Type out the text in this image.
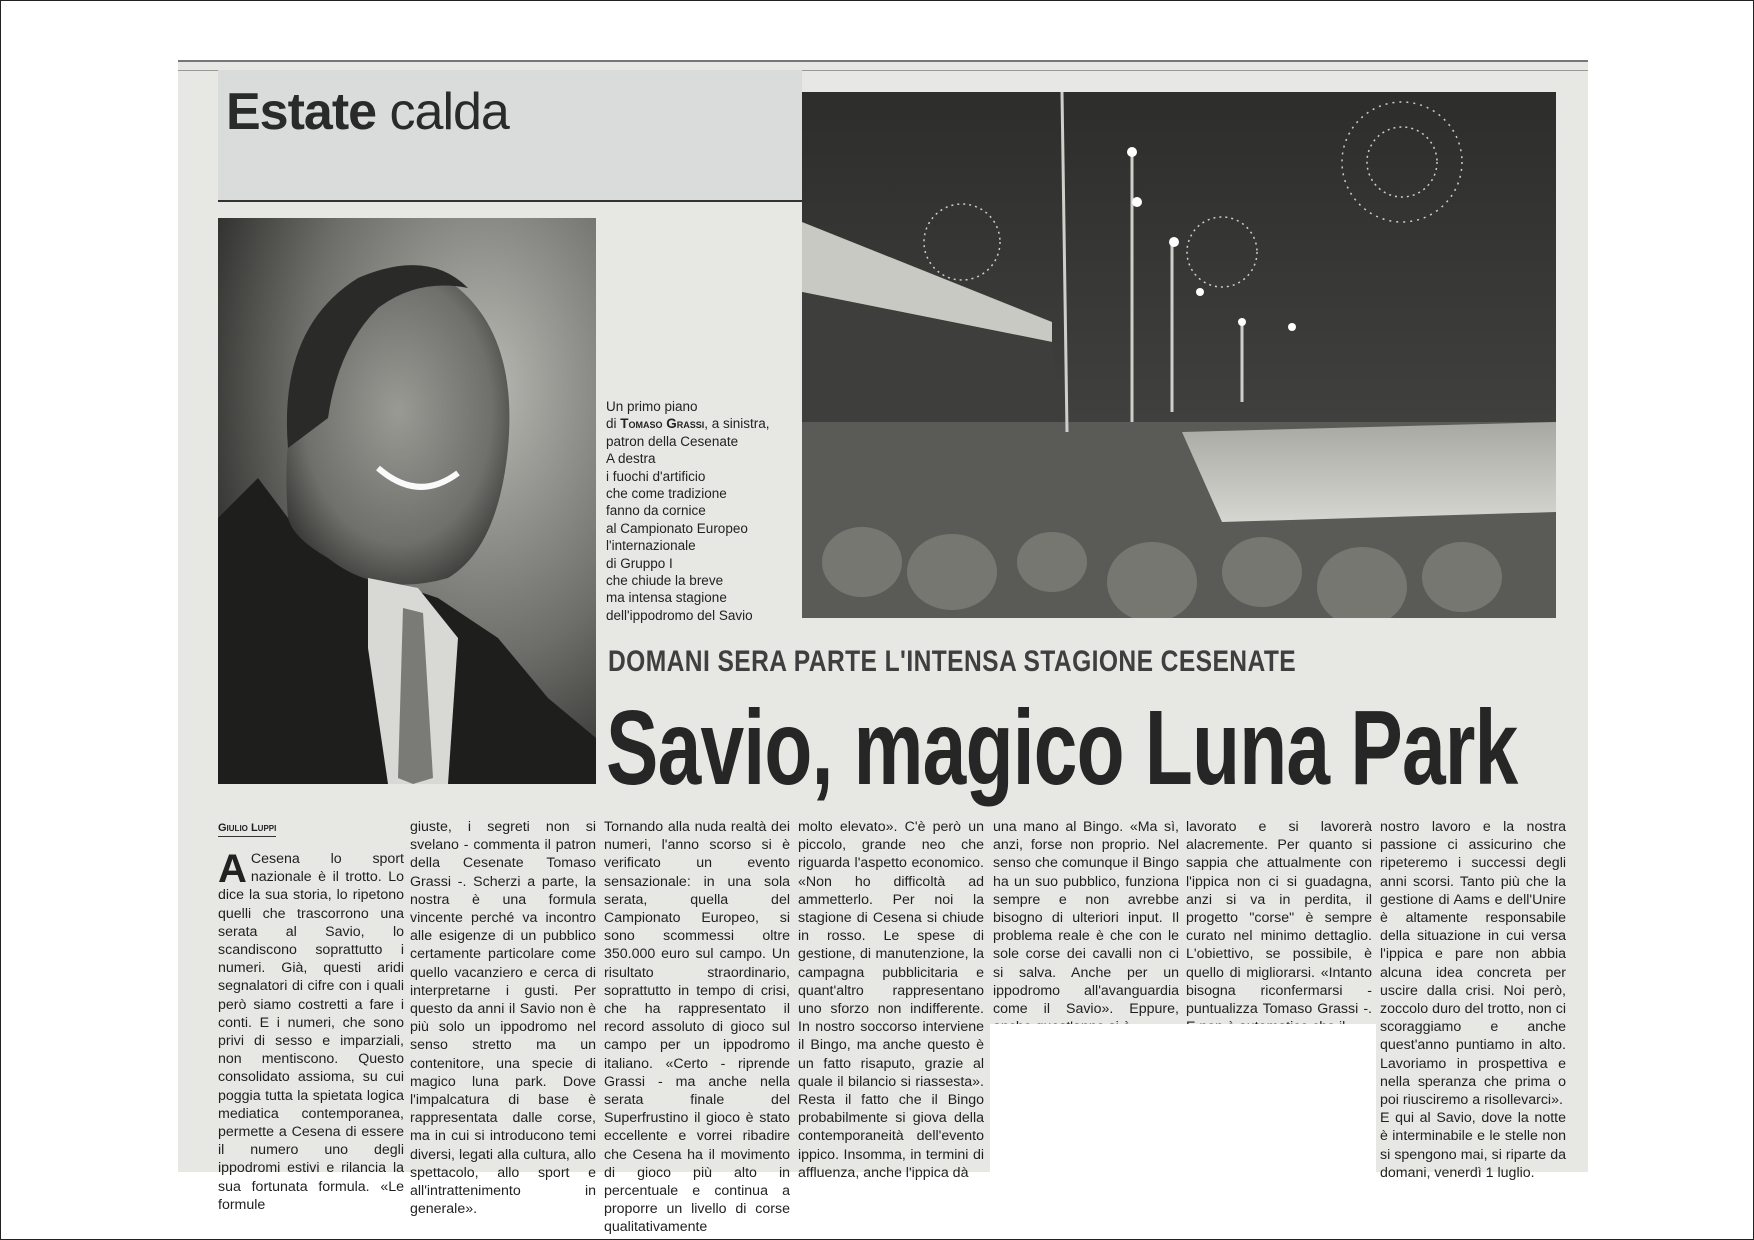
Estate calda
Un primo piano
di Tomaso Grassi, a sinistra,
patron della Cesenate
A destra
i fuochi d'artificio
che come tradizione
fanno da cornice
al Campionato Europeo
l'internazionale
di Gruppo I
che chiude la breve
ma intensa stagione
dell'ippodromo del Savio
DOMANI SERA PARTE L'INTENSA STAGIONE CESENATE
Savio, magico Luna Park
Giulio Luppi
A Cesena lo sport nazionale è il trotto. Lo dice la sua storia, lo ripetono quelli che trascorrono una serata al Savio, lo scandiscono soprattutto i numeri. Già, questi aridi segnalatori di cifre con i quali però siamo costretti a fare i conti. E i numeri, che sono privi di sesso e imparziali, non mentiscono. Questo consolidato assioma, su cui poggia tutta la spietata logica mediatica contemporanea, permette a Cesena di essere il numero uno degli ippodromi estivi e rilancia la sua fortunata formula. «Le formule
giuste, i segreti non si svelano - commenta il patron della Cesenate Tomaso Grassi -. Scherzi a parte, la nostra è una formula vincente perché va incontro alle esigenze di un pubblico certamente particolare come quello vacanziero e cerca di interpretarne i gusti. Per questo da anni il Savio non è più solo un ippodromo nel senso stretto ma un contenitore, una specie di magico luna park. Dove l'impalcatura di base è rappresentata dalle corse, ma in cui si introducono temi diversi, legati alla cultura, allo spettacolo, allo sport e all'intrattenimento in generale».
Tornando alla nuda realtà dei numeri, l'anno scorso si è verificato un evento sensazionale: in una sola serata, quella del Campionato Europeo, si sono scommessi oltre 350.000 euro sul campo. Un risultato straordinario, soprattutto in tempo di crisi, che ha rappresentato il record assoluto di gioco sul campo per un ippodromo italiano. «Certo - riprende Grassi - ma anche nella serata finale del Superfrustino il gioco è stato eccellente e vorrei ribadire che Cesena ha il movimento di gioco più alto in percentuale e continua a proporre un livello di corse qualitativamente
molto elevato». C'è però un piccolo, grande neo che riguarda l'aspetto economico. «Non ho difficoltà ad ammetterlo. Per noi la stagione di Cesena si chiude in rosso. Le spese di gestione, di manutenzione, la campagna pubblicitaria e quant'altro rappresentano uno sforzo non indifferente. In nostro soccorso interviene il Bingo, ma anche questo è un fatto risaputo, grazie al quale il bilancio si riassesta». Resta il fatto che il Bingo probabilmente si giova della contemporaneità dell'evento ippico. Insomma, in termini di affluenza, anche l'ippica dà
una mano al Bingo. «Ma sì, anzi, forse non proprio. Nel senso che comunque il Bingo ha un suo pubblico, funziona sempre e non avrebbe bisogno di ulteriori input. Il problema reale è che con le sole corse dei cavalli non ci si salva. Anche per un ippodromo all'avanguardia come il Savio». Eppure,
lavorato e si lavorerà alacremente. Per quanto si sappia che attualmente con l'ippica non ci si guadagna, anzi si va in perdita, il progetto "corse" è sempre curato nel minimo dettaglio. L'obiettivo, se possibile, è quello di migliorarsi. «Intanto bisogna riconfermarsi - puntualizza Tomaso Grassi -.
nostro lavoro e la nostra passione ci assicurino che ripeteremo i successi degli anni scorsi. Tanto più che la gestione di Aams e dell'Unire è altamente responsabile della situazione in cui versa l'ippica e pare non abbia alcuna idea concreta per uscire dalla crisi. Noi però, zoccolo duro del trotto, non ci scoraggiamo e anche quest'anno puntiamo in alto. Lavoriamo in prospettiva e nella speranza che prima o poi riusciremo a risollevarci».
E qui al Savio, dove la notte è interminabile e le stelle non si spengono mai, si riparte da domani, venerdì 1 luglio.
